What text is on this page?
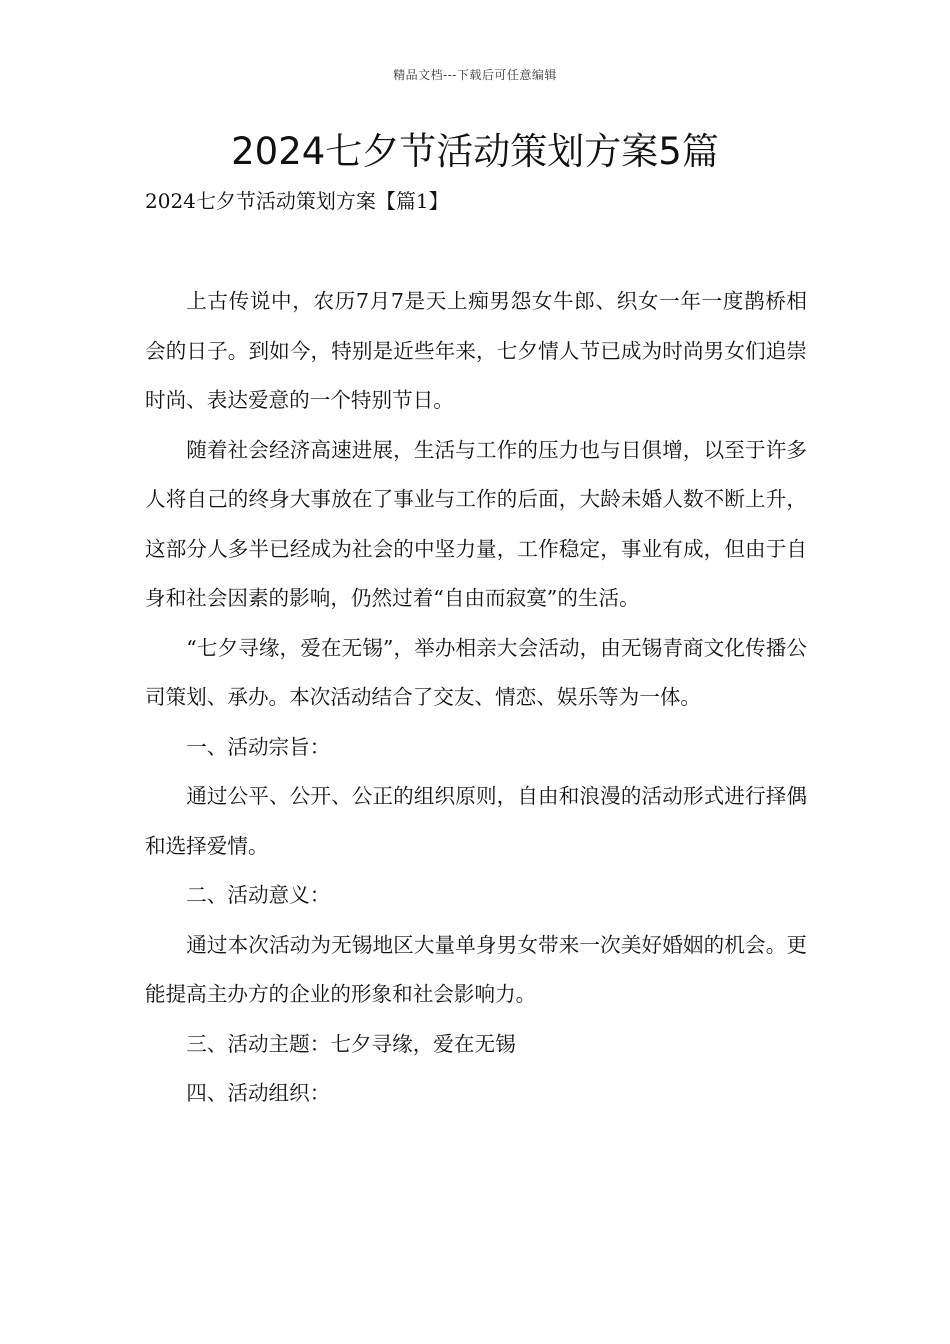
精品文档---下载后可任意编辑
2024七夕节活动策划方案5篇
2024七夕节活动策划方案【篇1】

上古传说中，农历7月7是天上痴男怨女牛郎、织女一年一度鹊桥相会的日子。到如今，特别是近些年来，七夕情人节已成为时尚男女们追崇时尚、表达爱意的一个特别节日。

随着社会经济高速进展，生活与工作的压力也与日俱增，以至于许多人将自己的终身大事放在了事业与工作的后面，大龄未婚人数不断上升，这部分人多半已经成为社会的中坚力量，工作稳定，事业有成，但由于自身和社会因素的影响，仍然过着“自由而寂寞”的生活。

“七夕寻缘，爱在无锡”，举办相亲大会活动，由无锡青商文化传播公司策划、承办。本次活动结合了交友、情恋、娱乐等为一体。

一、活动宗旨：

通过公平、公开、公正的组织原则，自由和浪漫的活动形式进行择偶和选择爱情。

二、活动意义：

通过本次活动为无锡地区大量单身男女带来一次美好婚姻的机会。更能提高主办方的企业的形象和社会影响力。

三、活动主题：七夕寻缘，爱在无锡

四、活动组织：
